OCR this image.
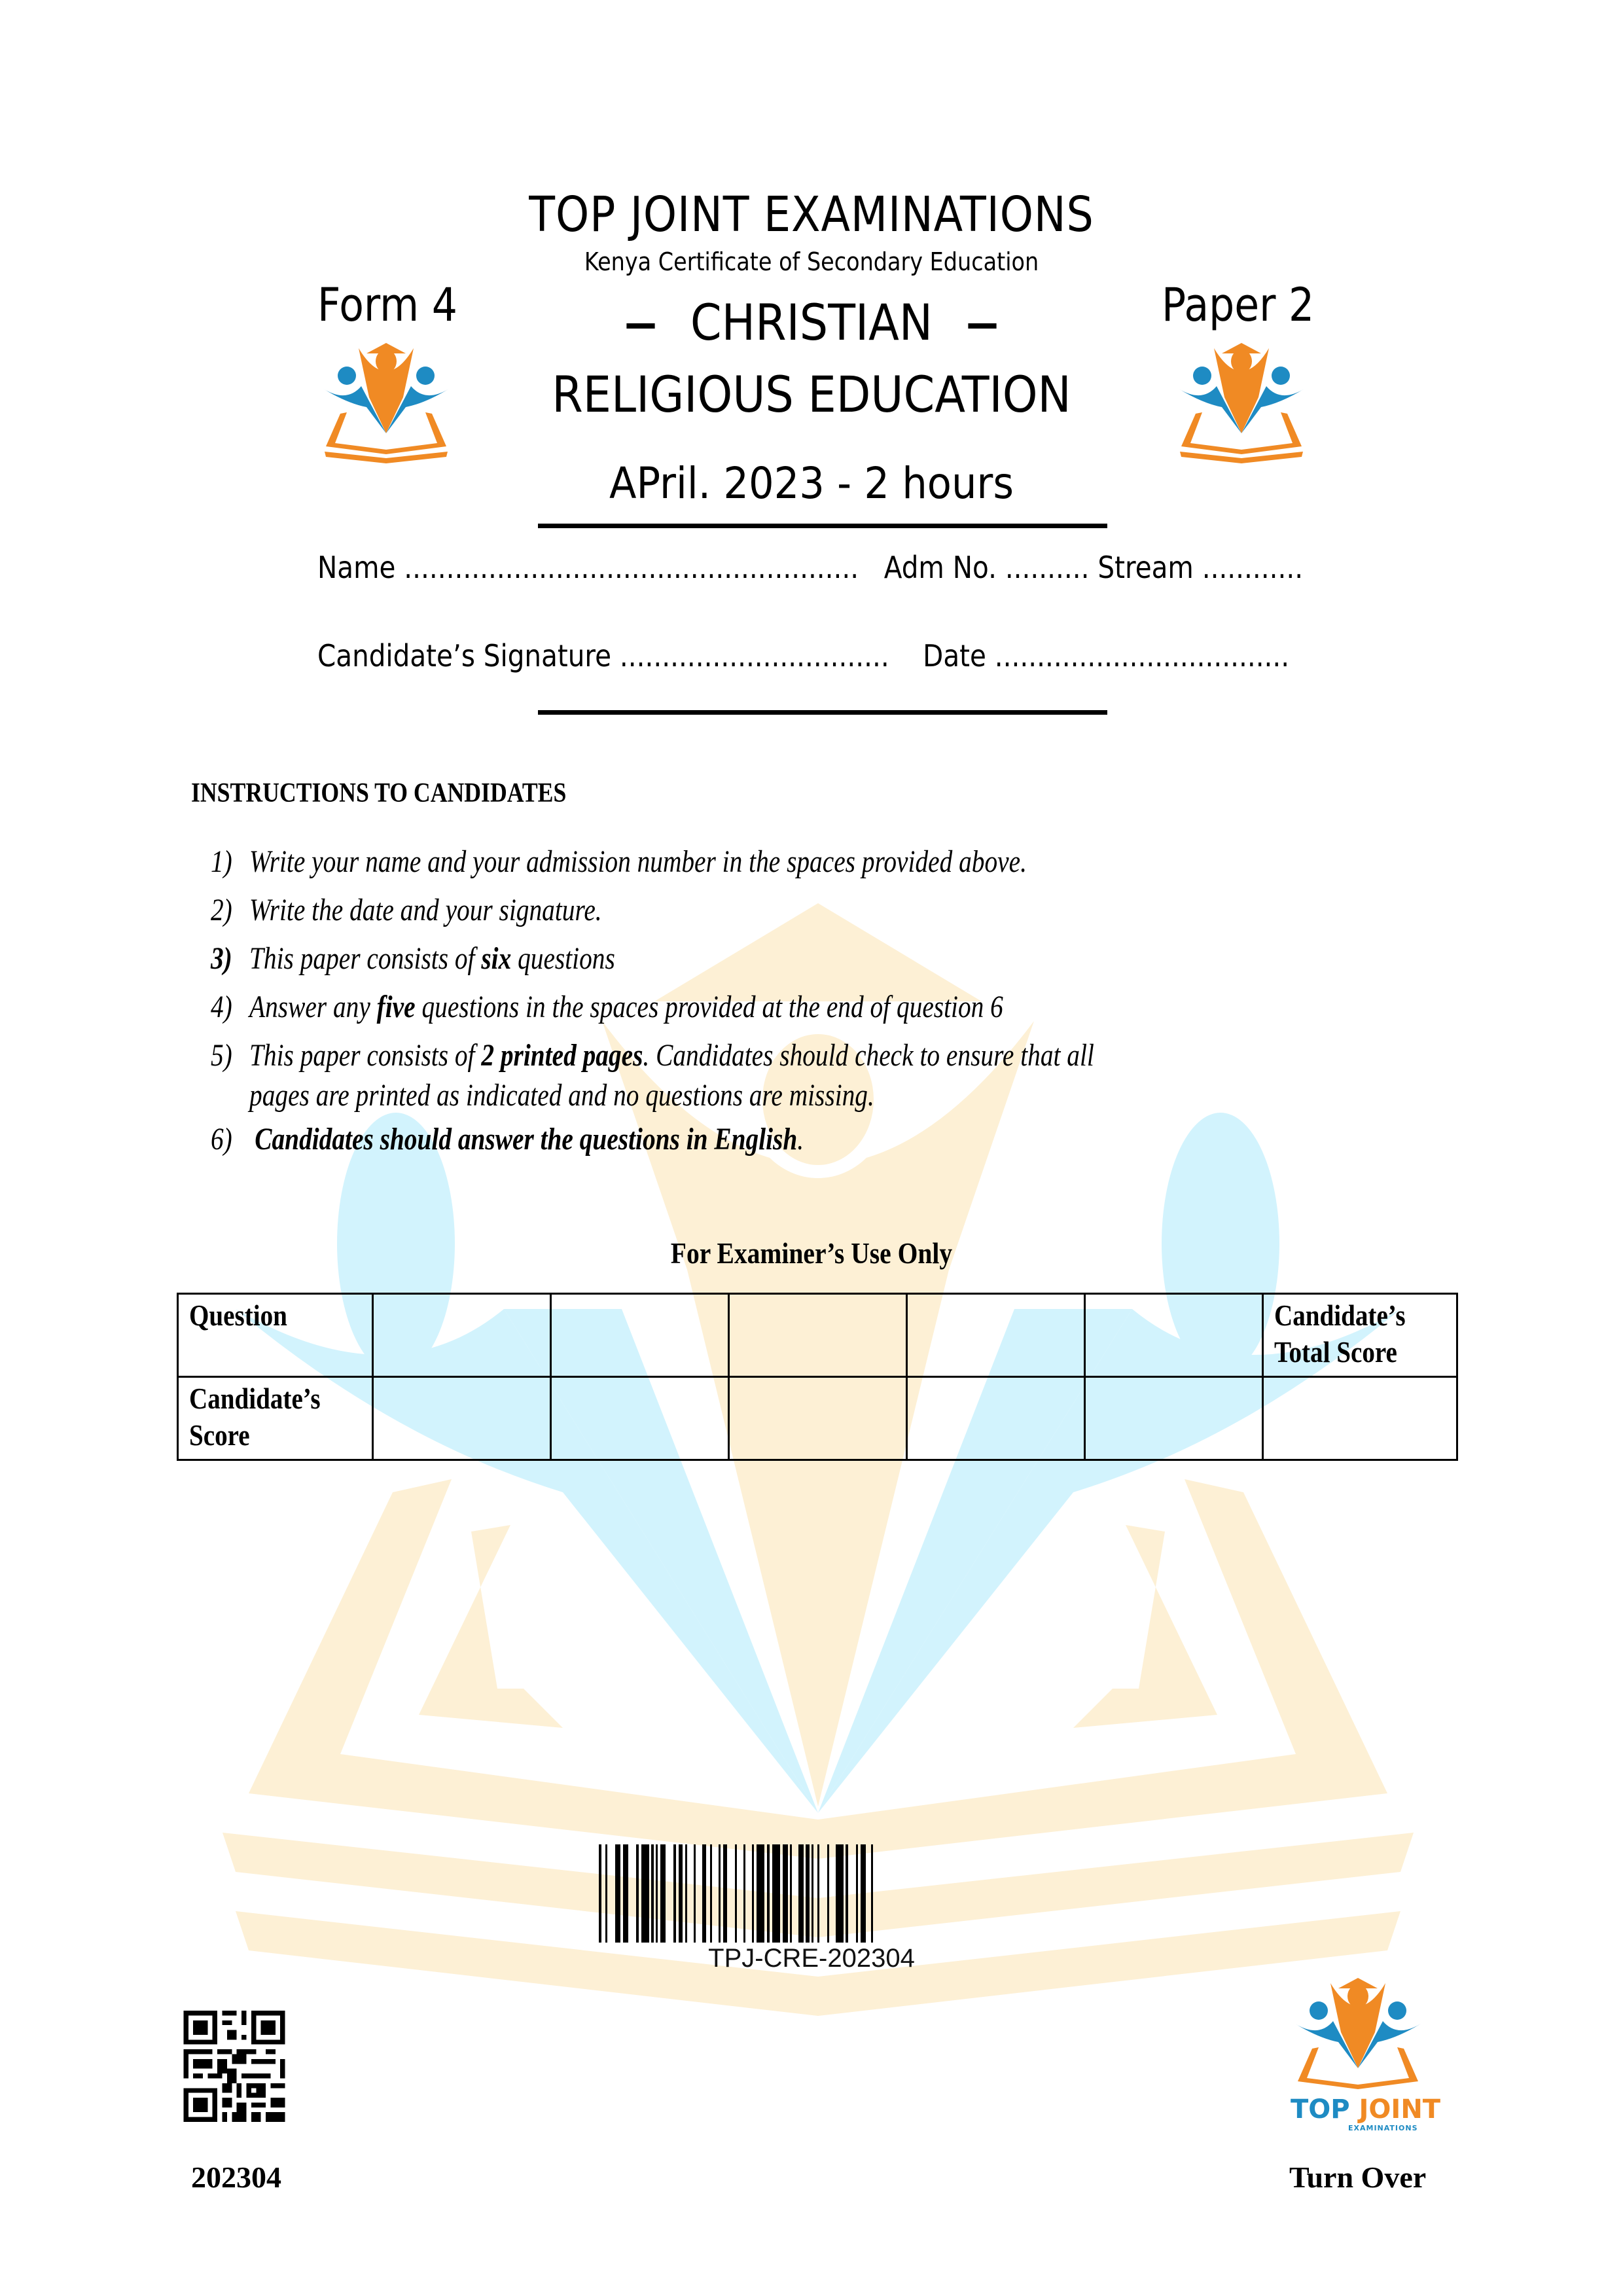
TOP JOINT EXAMINATIONS
Kenya Certificate of Secondary Education
Form 4	Paper 2
CHRISTIAN
RELIGIOUS EDUCATION
APril. 2023 - 2 hours
Name ...................................................... Adm No. .......... Stream ............
Candidate’s Signature ................................ Date ...................................
INSTRUCTIONS TO CANDIDATES
1) Write your name and your admission number in the spaces provided above.
2) Write the date and your signature.
3) This paper consists of six questions
4) Answer any five questions in the spaces provided at the end of question 6
5) This paper consists of 2 printed pages. Candidates should check to ensure that all
pages are printed as indicated and no questions are missing.
6) Candidates should answer the questions in English.
For Examiner’s Use Only
Question						Candidate’s Total Score
Candidate’s Score						
TPJ-CRE-202304
202304
TOP JOINT
EXAMINATIONS
Turn Over
